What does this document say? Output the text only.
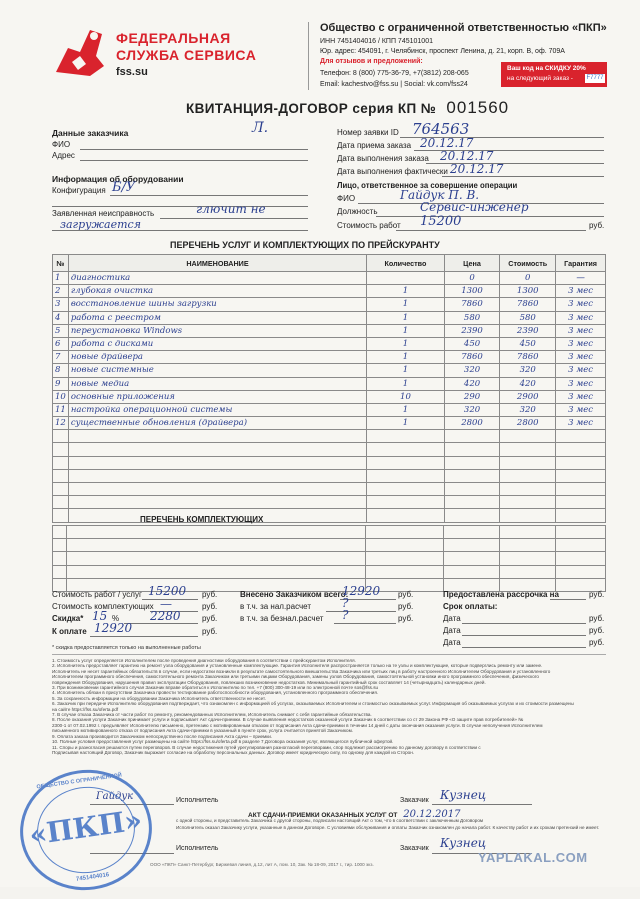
ФЕДЕРАЛЬНАЯ
СЛУЖБА СЕРВИСА
fss.su
Общество с ограниченной ответственностью «ПКП»
ИНН 7451404016 / КПП 745101001
Юр. адрес: 454091, г. Челябинск, проспект Ленина, д. 21, корп. В, оф. 709А
Для отзывов и предложений:
Телефон: 8 (800) 775-36-79, +7(3812) 208-065
Email: kachestvo@fss.su | Social: vk.com/fss24
Ваш код на СКИДКУ 20%
на следующий заказ - F7777
КВИТАНЦИЯ-ДОГОВОР серия КП № 001560
Данные заказчика	Л.
ФИО
Адрес
Информация об оборудовании
Конфигурация Б/У
Заявленная неисправность	глючит не
загружается
Номер заявки ID 764563
Дата приема заказа 20.12.17
Дата выполнения заказа 20.12.17
Дата выполнения фактически 20.12.17
Лицо, ответственное за совершение операции
ФИО	Гайдук П. В.
Должность	Сервис-инженер
Стоимость работ 15200	руб.
ПЕРЕЧЕНЬ УСЛУГ И КОМПЛЕКТУЮЩИХ ПО ПРЕЙСКУРАНТУ
№	НАИМЕНОВАНИЕ	Количество	Цена	Стоимость	Гарантия
1	диагностика		0	0	—
2	глубокая очистка	1	1300	1300	3 мес
3	восстановление шины загрузки	1	7860	7860	3 мес
4	работа с реестром	1	580	580	3 мес
5	переустановка Windows	1	2390	2390	3 мес
6	работа с дисками	1	450	450	3 мес
7	новые драйвера	1	7860	7860	3 мес
8	новые системные	1	320	320	3 мес
9	новые медиа	1	420	420	3 мес
10	основные приложения	10	290	2900	3 мес
11	настройка операционной системы	1	320	320	3 мес
12	существенные обновления (драйвера)	1	2800	2800	3 мес

ПЕРЕЧЕНЬ КОМПЛЕКТУЮЩИХ

Стоимость работ / услуг 15200 руб.
Стоимость комплектующих —	руб.
Скидка* 15 %	2280	руб.
К оплате 12920	руб.
Внесено Заказчиком всего:
12920 руб.
в т.ч. за нал.расчет	?	руб.
в т.ч. за безнал.расчет ?	руб.
Предоставлена рассрочка на	руб.
Срок оплаты:
Дата	руб.
Дата	руб.
Дата	руб.
* скидка предоставляется только на выполненные работы
1. Стоимость услуг определяется Исполнителем после проведения диагностики оборудования в соответствии с прейскурантом Исполнителя.
2. Исполнитель предоставляет гарантию на ремонт узла оборудования и установленные комплектующие. Гарантия Исполнителя распространяется только на те узлы и комплектующие, которые подверглись ремонту или замене.
Исполнитель не несет гарантийных обязательств в случае, если недостатки возникли в результате самостоятельного вмешательства Заказчика или третьих лиц в работу настроенного Исполнителем Оборудования и установленного
Исполнителем программного обеспечения, самостоятельного ремонта Заказчиком или третьими лицами Оборудования, замены узлов Оборудования, самостоятельной установки иного программного обеспечения, физического
повреждения Оборудования, нарушения правил эксплуатации Оборудования, повлекших возникновение недостатков. Минимальный гарантийный срок составляет 14 (четырнадцать) календарных дней.
3. При возникновении гарантийного случая Заказчик вправе обратиться к Исполнителю по тел. +7 (800) 300-48-19 или по электронной почте sos@fss.su
4. Исполнитель обязан в присутствии Заказчика провести тестирование работоспособности оборудования, установленного программного обеспечения.
5. За сохранность информации на оборудовании Заказчика Исполнитель ответственности не несет.
6. Заказчик при передаче Исполнителю оборудования подтверждает, что ознакомлен с информацией об услугах, оказываемых Исполнителем и стоимостью оказываемых услуг. Информация об оказываемых услугах и их стоимости размещены
на сайте https://fss.su/oferta.pdf
7. В случае отказа Заказчика от части работ по ремонту, рекомендованных Исполнителем, Исполнитель снимает с себя гарантийные обязательства.
8. После оказания услуги Заказчик принимает услуги и подписывает Акт сдачи-приемки. В случае выявления недостатков оказанной услуги Заказчик в соответствии со ст 29 Закона РФ «О защите прав потребителей» №
2300-1 от 07.02.1992 г. предъявляет Исполнителю письменно, претензию с мотивированным отказом от подписания Акта сдачи-приемки в течении 14 дней с даты окончания оказания услуги. В случае неполучения Исполнителем
письменного мотивированного отказа от подписания Акта сдачи-приемки в указанный в пункте срок, услуга считается принятой Заказчиком.
9. Оплата заказа производится Заказчиком непосредственно после подписания Акта сдачи – приемки.
10. Полные условия предоставления услуг размещены на сайте https://fss.su/oferta.pdf в разделе 7 Договора оказания услуг, являющегося публичной офертой.
11. Споры и разногласия решаются путем переговоров. В случае недостижения путей урегулирования разногласий переговорами, спор подлежит рассмотрению по данному договору в соответствии с
Подписывая настоящий Договор, Заказчик выражает согласие на обработку персональных данных. Договор имеет юридическую силу, по одному для каждой из Сторон.
Исполнитель
Гайдук	Заказчик Кузнец
АКТ СДАЧИ-ПРИЕМКИ ОКАЗАННЫХ УСЛУГ ОТ 20.12.2017
с одной стороны, и представитель Заказчика с другой стороны, подписали настоящий Акт о том, что в соответствии с заключенным Договором
Исполнитель оказал Заказчику услуги, указанные в данном Договоре. С условиями обслуживания и оплаты Заказчик ознакомлен до начала работ. К качеству работ и их срокам претензий не имеет.
Исполнитель	Заказчик Кузнец
ООО «ПКП» Санкт-Петербург, Биржевая линия, д.12, лит А, пом. 10, Зак. № 18-09, 2017 г., тир. 1000 экз.
ОБЩЕСТВО С ОГРАНИЧЕННОЙ
«ПКП»
7451404016
YAPLAKAL.COM
